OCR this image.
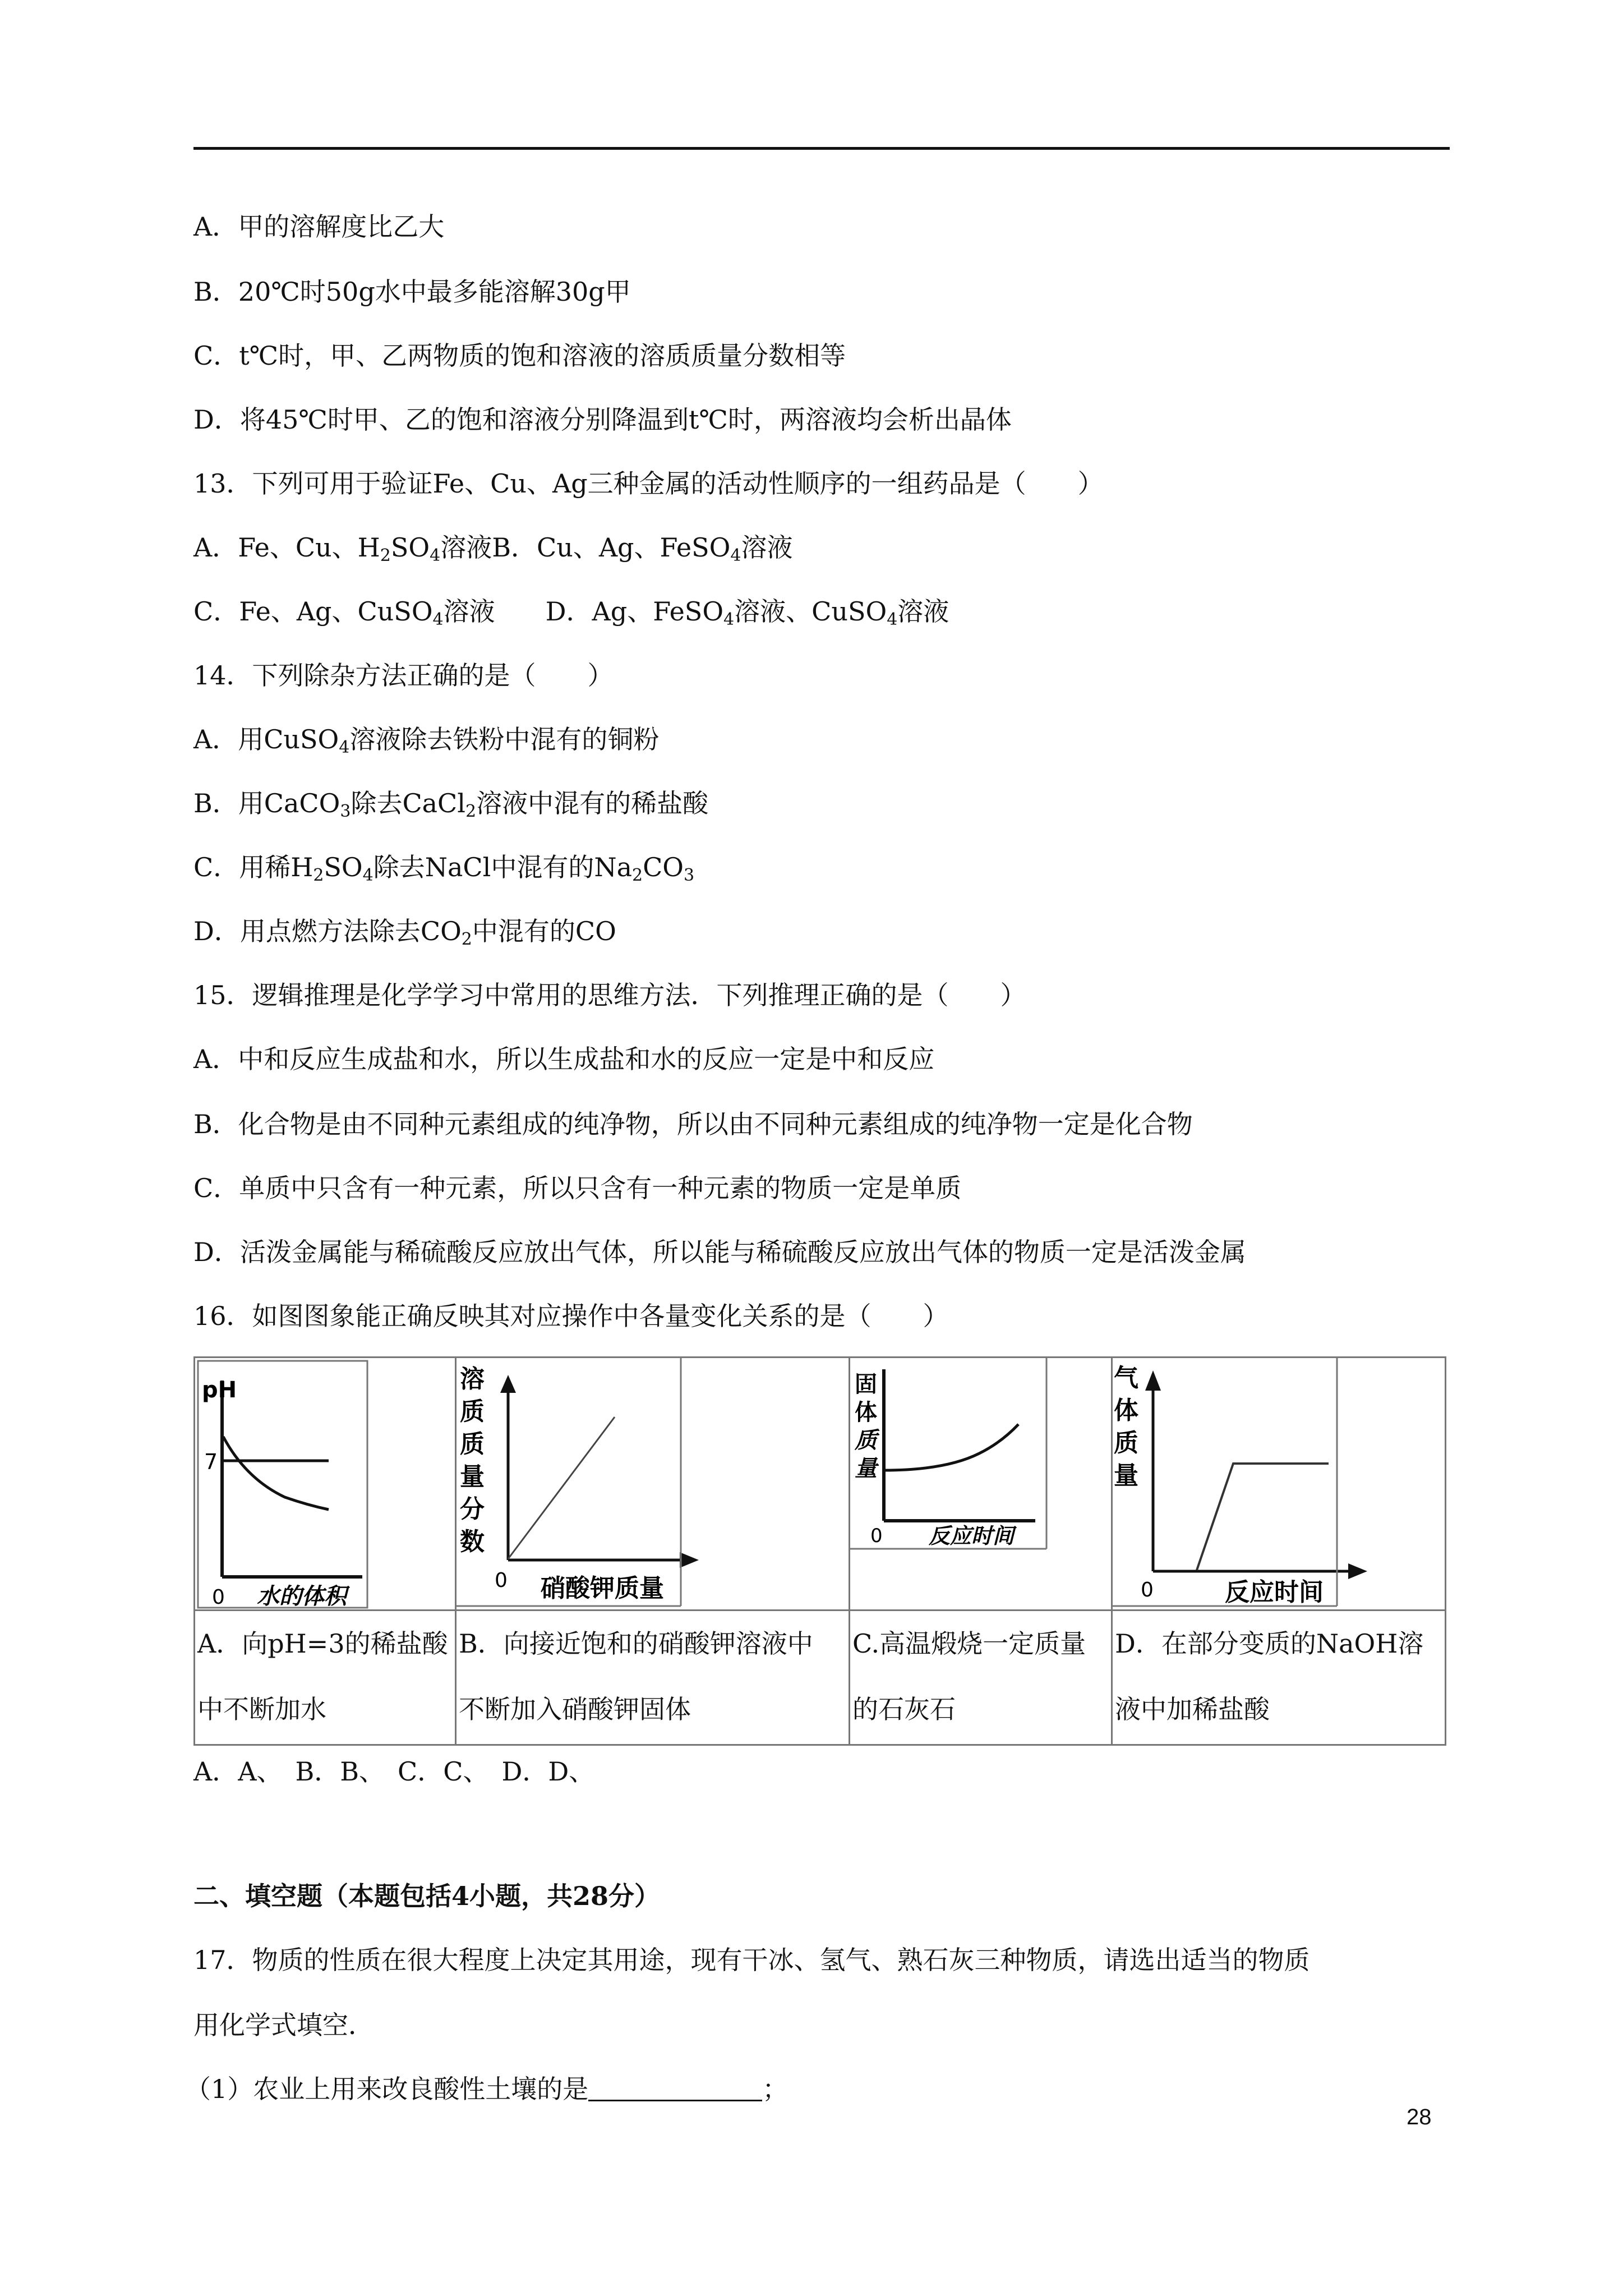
A．甲的溶解度比乙大
B．20℃时50g水中最多能溶解30g甲
C．t℃时，甲、乙两物质的饱和溶液的溶质质量分数相等
D．将45℃时甲、乙的饱和溶液分别降温到t℃时，两溶液均会析出晶体
13．下列可用于验证Fe、Cu、Ag三种金属的活动性顺序的一组药品是（　　）
A．Fe、Cu、$H_2SO_4$溶液B．Cu、Ag、FeSO$_4$溶液
C．Fe、Ag、CuSO$_4$溶液 D．Ag、FeSO$_4$溶液、CuSO$_4$溶液
14．下列除杂方法正确的是（　　）
A．用CuSO$_4$溶液除去铁粉中混有的铜粉
B．用CaCO$_3$除去CaCl$_2$溶液中混有的稀盐酸
C．用稀$H_2SO_4$除去NaCl中混有的$Na_2CO_3$
D．用点燃方法除去$CO_2$中混有的CO
15．逻辑推理是化学学习中常用的思维方法．下列推理正确的是（　　）
A．中和反应生成盐和水，所以生成盐和水的反应一定是中和反应
B．化合物是由不同种元素组成的纯净物，所以由不同种元素组成的纯净物一定是化合物
C．单质中只含有一种元素，所以只含有一种元素的物质一定是单质
D．活泼金属能与稀硫酸反应放出气体，所以能与稀硫酸反应放出气体的物质一定是活泼金属
16．如图图象能正确反映其对应操作中各量变化关系的是（　　）
pH
7
0 水的体积
溶
质
质
量
分
数
0 硝酸钾质量
固
体
质
量
0 反应时间
气
体
质
量
0	反应时间
A．向pH=3的稀盐酸
中不断加水
B．向接近饱和的硝酸钾溶液中
不断加入硝酸钾固体
C.高温煅烧一定质量
的石灰石
D．在部分变质的NaOH溶
液中加稀盐酸
A．A、　B．B、　C．C、　D．D、
二、填空题（本题包括4小题，共28分）
17．物质的性质在很大程度上决定其用途，现有干冰、氢气、熟石灰三种物质，请选出适当的物质
用化学式填空．
（1）农业上用来改良酸性土壤的是	；
28
